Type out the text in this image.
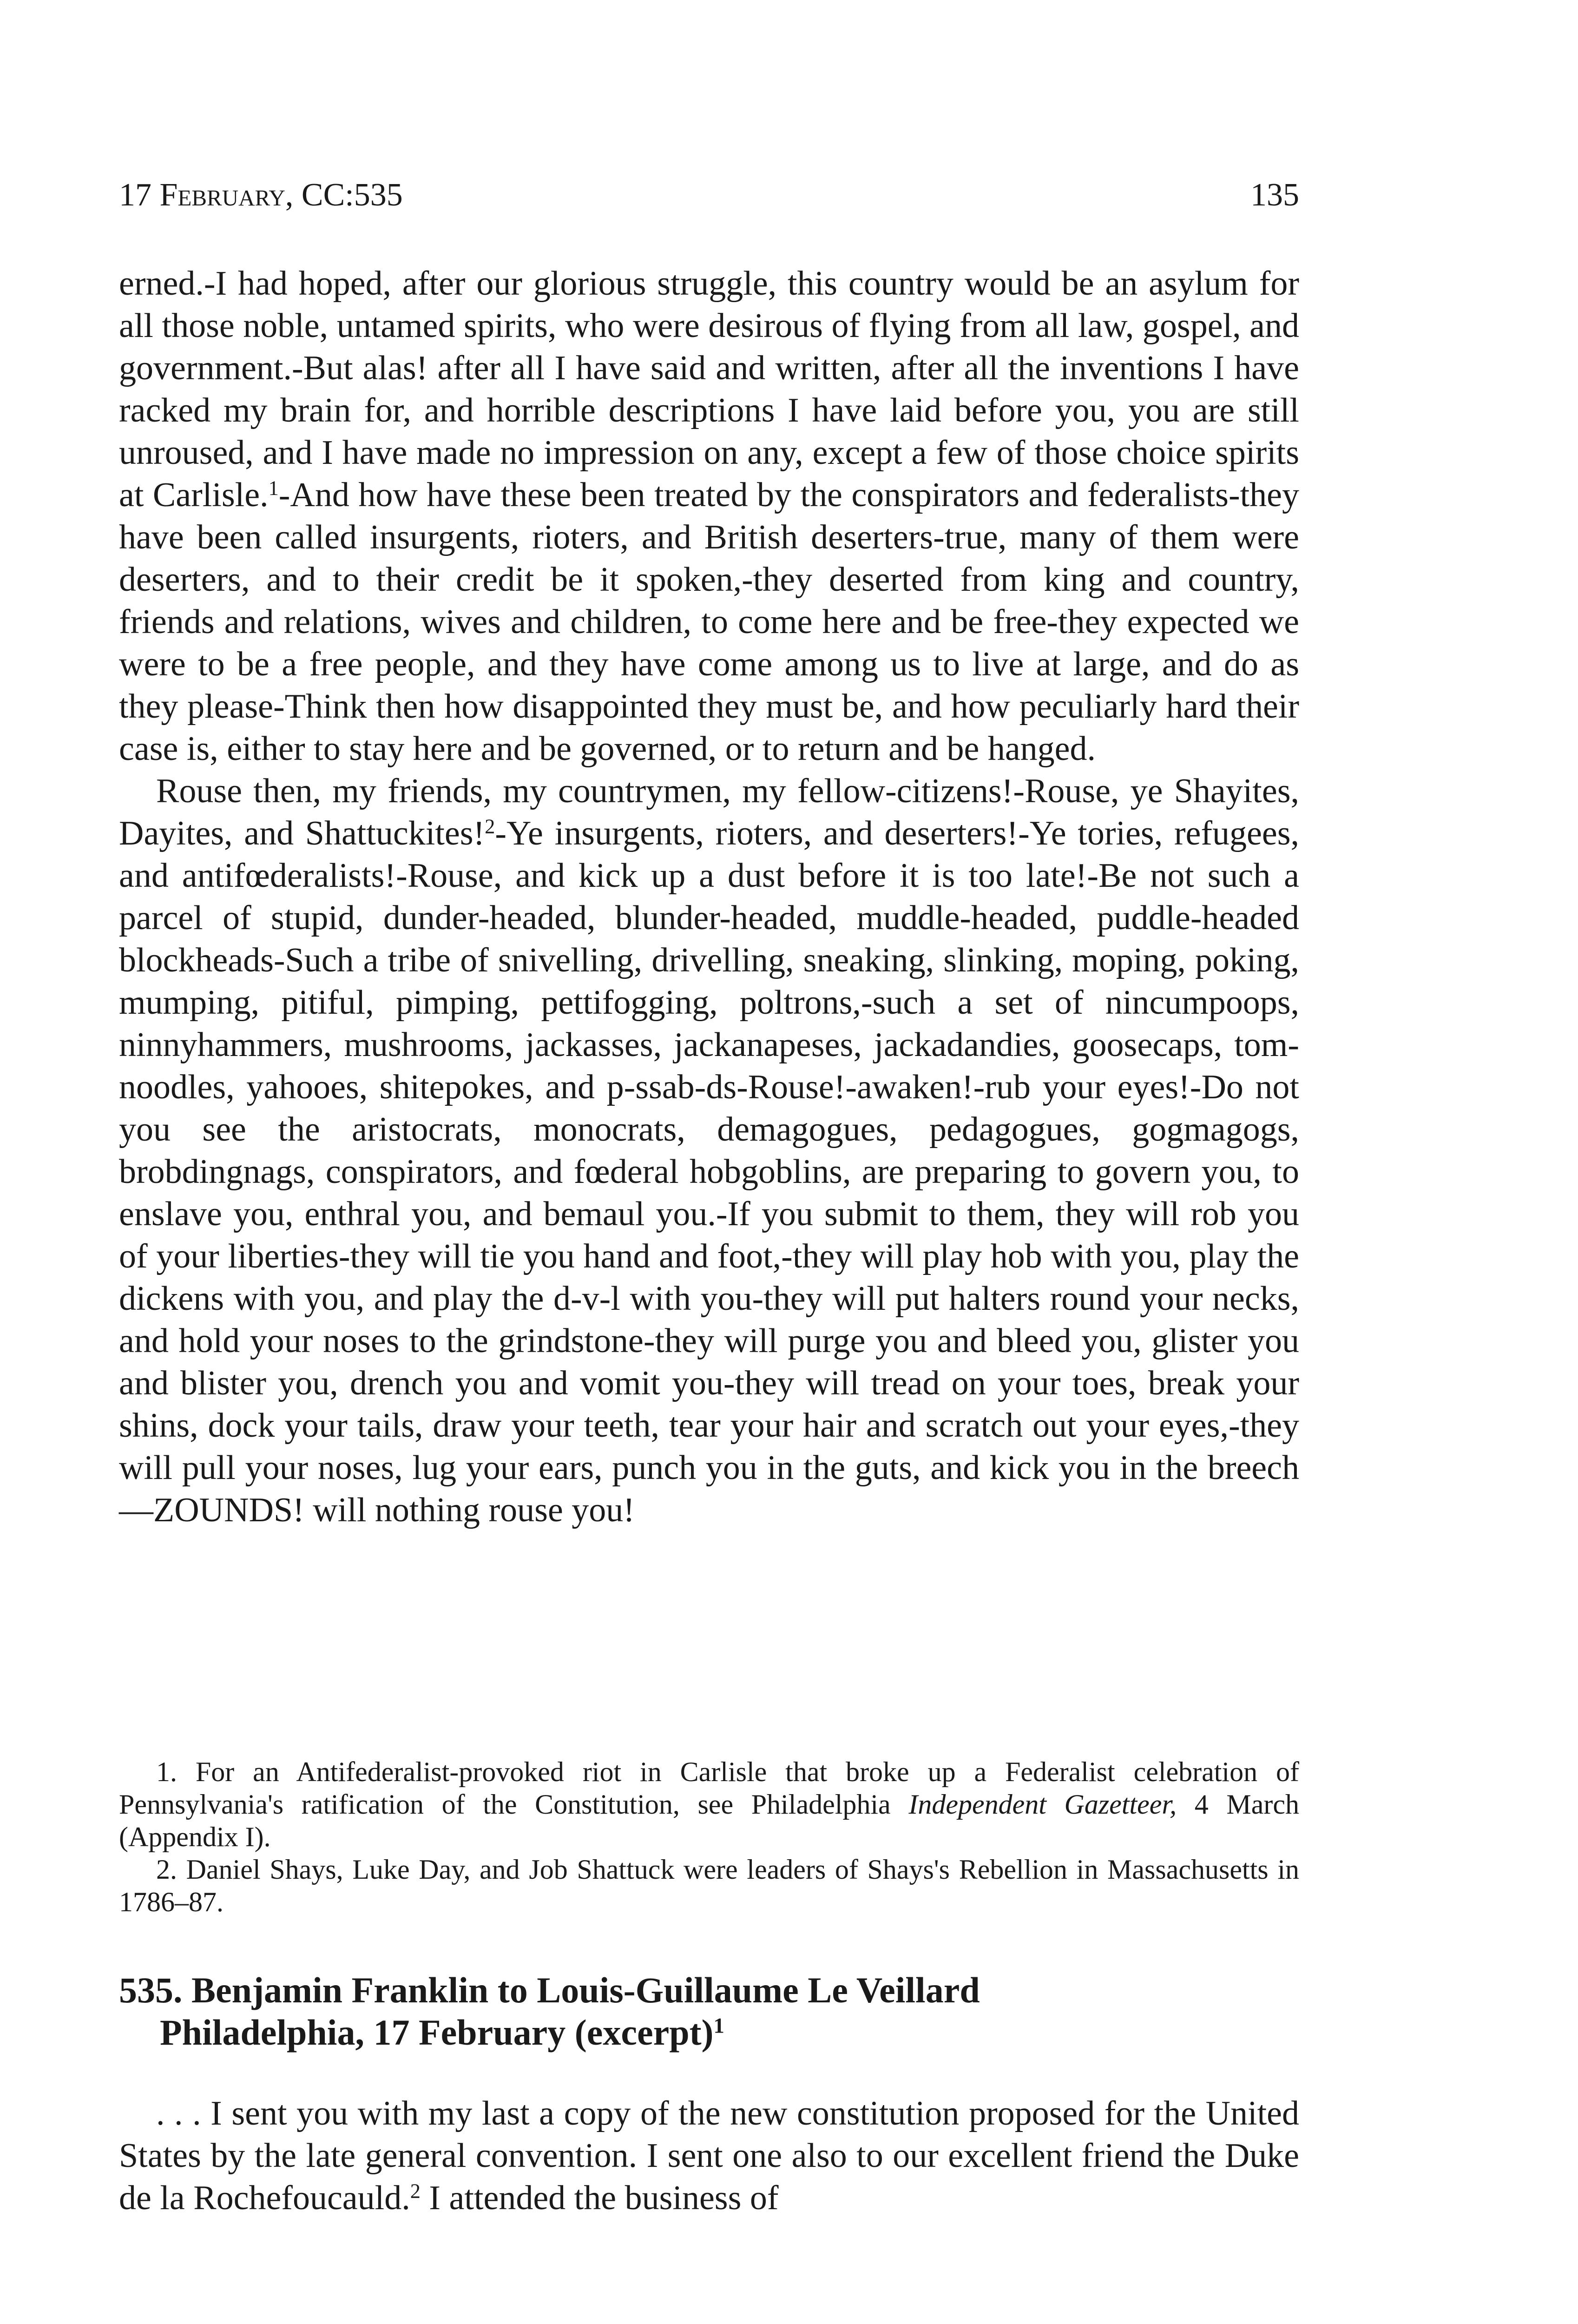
17 February, CC:535	135

erned.-I had hoped, after our glorious struggle, this country would be an asylum for all those noble, untamed spirits, who were desirous of flying from all law, gospel, and government.-But alas! after all I have said and written, after all the inventions I have racked my brain for, and horrible descriptions I have laid before you, you are still unroused, and I have made no impression on any, except a few of those choice spirits at Carlisle.$^1$-And how have these been treated by the conspirators and federalists-they have been called insurgents, rioters, and British deserters-true, many of them were deserters, and to their credit be it spoken,-they deserted from king and country, friends and relations, wives and children, to come here and be free-they expected we were to be a free people, and they have come among us to live at large, and do as they please-Think then how disappointed they must be, and how peculiarly hard their case is, either to stay here and be governed, or to return and be hanged.

Rouse then, my friends, my countrymen, my fellow-citizens!-Rouse, ye Shayites, Dayites, and Shattuckites!$^2$-Ye insurgents, rioters, and deserters!-Ye tories, refugees, and antifœderalists!-Rouse, and kick up a dust before it is too late!-Be not such a parcel of stupid, dunder-headed, blunder-headed, muddle-headed, puddle-headed blockheads-Such a tribe of snivelling, drivelling, sneaking, slinking, moping, poking, mumping, pitiful, pimping, pettifogging, poltrons,-such a set of nincumpoops, ninnyhammers, mushrooms, jackasses, jackanapeses, jackadandies, goosecaps, tom-noodles, yahooes, shitepokes, and p-ssab-ds-Rouse!-awaken!-rub your eyes!-Do not you see the aristocrats, monocrats, demagogues, pedagogues, gogmagogs, brobdingnags, conspirators, and fœderal hobgoblins, are preparing to govern you, to enslave you, enthral you, and bemaul you.-If you submit to them, they will rob you of your liberties-they will tie you hand and foot,-they will play hob with you, play the dickens with you, and play the d-v-l with you-they will put halters round your necks, and hold your noses to the grindstone-they will purge you and bleed you, glister you and blister you, drench you and vomit you-they will tread on your toes, break your shins, dock your tails, draw your teeth, tear your hair and scratch out your eyes,-they will pull your noses, lug your ears, punch you in the guts, and kick you in the breech—ZOUNDS! will nothing rouse you!

1. For an Antifederalist-provoked riot in Carlisle that broke up a Federalist celebration of Pennsylvania's ratification of the Constitution, see Philadelphia Independent Gazetteer, 4 March (Appendix I).

2. Daniel Shays, Luke Day, and Job Shattuck were leaders of Shays's Rebellion in Massachusetts in 1786–87.

535. Benjamin Franklin to Louis-Guillaume Le Veillard
Philadelphia, 17 February (excerpt)$^1$

. . . I sent you with my last a copy of the new constitution proposed for the United States by the late general convention. I sent one also to our excellent friend the Duke de la Rochefoucauld.$^2$ I attended the business of
